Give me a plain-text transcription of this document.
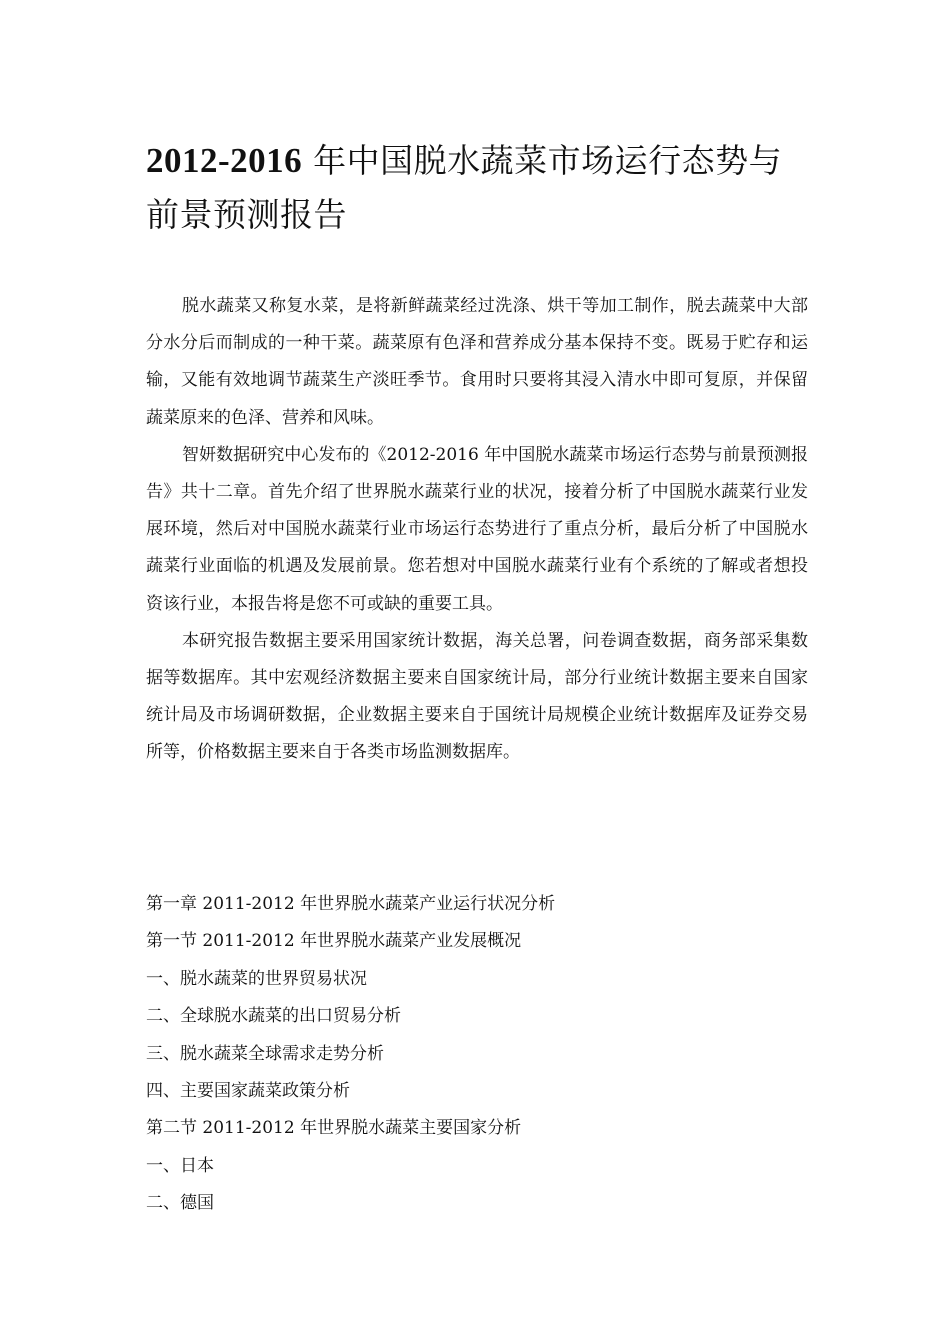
2012-2016 年中国脱水蔬菜市场运行态势与
前景预测报告

脱水蔬菜又称复水菜，是将新鲜蔬菜经过洗涤、烘干等加工制作，脱去蔬菜中大部分水分后而制成的一种干菜。蔬菜原有色泽和营养成分基本保持不变。既易于贮存和运输，又能有效地调节蔬菜生产淡旺季节。食用时只要将其浸入清水中即可复原，并保留蔬菜原来的色泽、营养和风味。

智妍数据研究中心发布的《2012-2016 年中国脱水蔬菜市场运行态势与前景预测报告》共十二章。首先介绍了世界脱水蔬菜行业的状况，接着分析了中国脱水蔬菜行业发展环境，然后对中国脱水蔬菜行业市场运行态势进行了重点分析，最后分析了中国脱水蔬菜行业面临的机遇及发展前景。您若想对中国脱水蔬菜行业有个系统的了解或者想投资该行业，本报告将是您不可或缺的重要工具。

本研究报告数据主要采用国家统计数据，海关总署，问卷调查数据，商务部采集数据等数据库。其中宏观经济数据主要来自国家统计局，部分行业统计数据主要来自国家统计局及市场调研数据，企业数据主要来自于国统计局规模企业统计数据库及证券交易所等，价格数据主要来自于各类市场监测数据库。

第一章 2011-2012 年世界脱水蔬菜产业运行状况分析
第一节 2011-2012 年世界脱水蔬菜产业发展概况
一、脱水蔬菜的世界贸易状况
二、全球脱水蔬菜的出口贸易分析
三、脱水蔬菜全球需求走势分析
四、主要国家蔬菜政策分析
第二节 2011-2012 年世界脱水蔬菜主要国家分析
一、日本
二、德国
